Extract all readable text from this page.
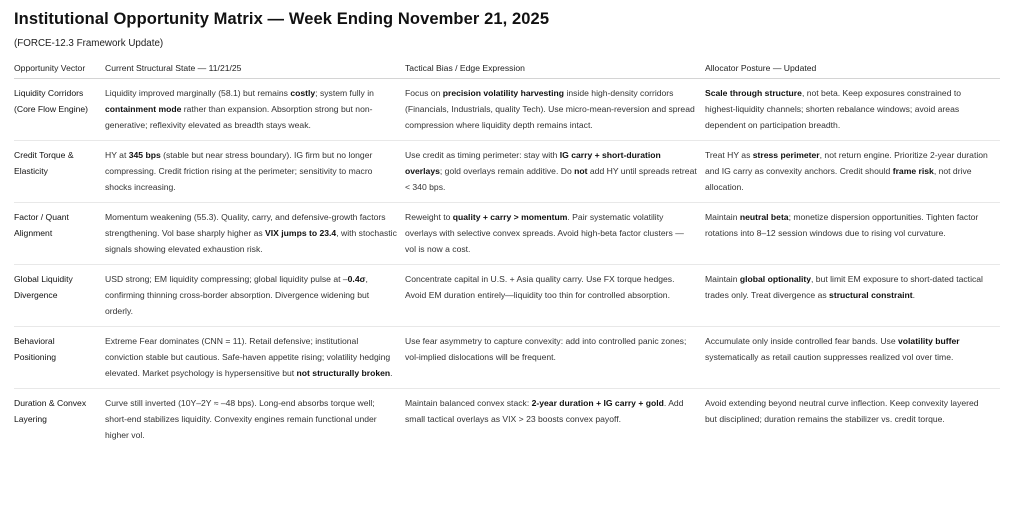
Institutional Opportunity Matrix — Week Ending November 21, 2025
(FORCE-12.3 Framework Update)
Opportunity Vector	Current Structural State — 11/21/25	Tactical Bias / Edge Expression	Allocator Posture — Updated
Liquidity Corridors (Core Flow Engine)	Liquidity improved marginally (58.1) but remains costly; system fully in containment mode rather than expansion. Absorption strong but non-generative; reflexivity elevated as breadth stays weak.	Focus on precision volatility harvesting inside high-density corridors (Financials, Industrials, quality Tech). Use micro-mean-reversion and spread compression where liquidity depth remains intact.	Scale through structure, not beta. Keep exposures constrained to highest-liquidity channels; shorten rebalance windows; avoid areas dependent on participation breadth.
Credit Torque & Elasticity	HY at 345 bps (stable but near stress boundary). IG firm but no longer compressing. Credit friction rising at the perimeter; sensitivity to macro shocks increasing.	Use credit as timing perimeter: stay with IG carry + short-duration overlays; gold overlays remain additive. Do not add HY until spreads retreat < 340 bps.	Treat HY as stress perimeter, not return engine. Prioritize 2-year duration and IG carry as convexity anchors. Credit should frame risk, not drive allocation.
Factor / Quant Alignment	Momentum weakening (55.3). Quality, carry, and defensive-growth factors strengthening. Vol base sharply higher as VIX jumps to 23.4, with stochastic signals showing elevated exhaustion risk.	Reweight to quality + carry > momentum. Pair systematic volatility overlays with selective convex spreads. Avoid high-beta factor clusters — vol is now a cost.	Maintain neutral beta; monetize dispersion opportunities. Tighten factor rotations into 8–12 session windows due to rising vol curvature.
Global Liquidity Divergence	USD strong; EM liquidity compressing; global liquidity pulse at –0.4σ, confirming thinning cross-border absorption. Divergence widening but orderly.	Concentrate capital in U.S. + Asia quality carry. Use FX torque hedges. Avoid EM duration entirely—liquidity too thin for controlled absorption.	Maintain global optionality, but limit EM exposure to short-dated tactical trades only. Treat divergence as structural constraint.
Behavioral Positioning	Extreme Fear dominates (CNN = 11). Retail defensive; institutional conviction stable but cautious. Safe-haven appetite rising; volatility hedging elevated. Market psychology is hypersensitive but not structurally broken.	Use fear asymmetry to capture convexity: add into controlled panic zones; vol-implied dislocations will be frequent.	Accumulate only inside controlled fear bands. Use volatility buffer systematically as retail caution suppresses realized vol over time.
Duration & Convex Layering	Curve still inverted (10Y–2Y ≈ –48 bps). Long-end absorbs torque well; short-end stabilizes liquidity. Convexity engines remain functional under higher vol.	Maintain balanced convex stack: 2-year duration + IG carry + gold. Add small tactical overlays as VIX > 23 boosts convex payoff.	Avoid extending beyond neutral curve inflection. Keep convexity layered but disciplined; duration remains the stabilizer vs. credit torque.
